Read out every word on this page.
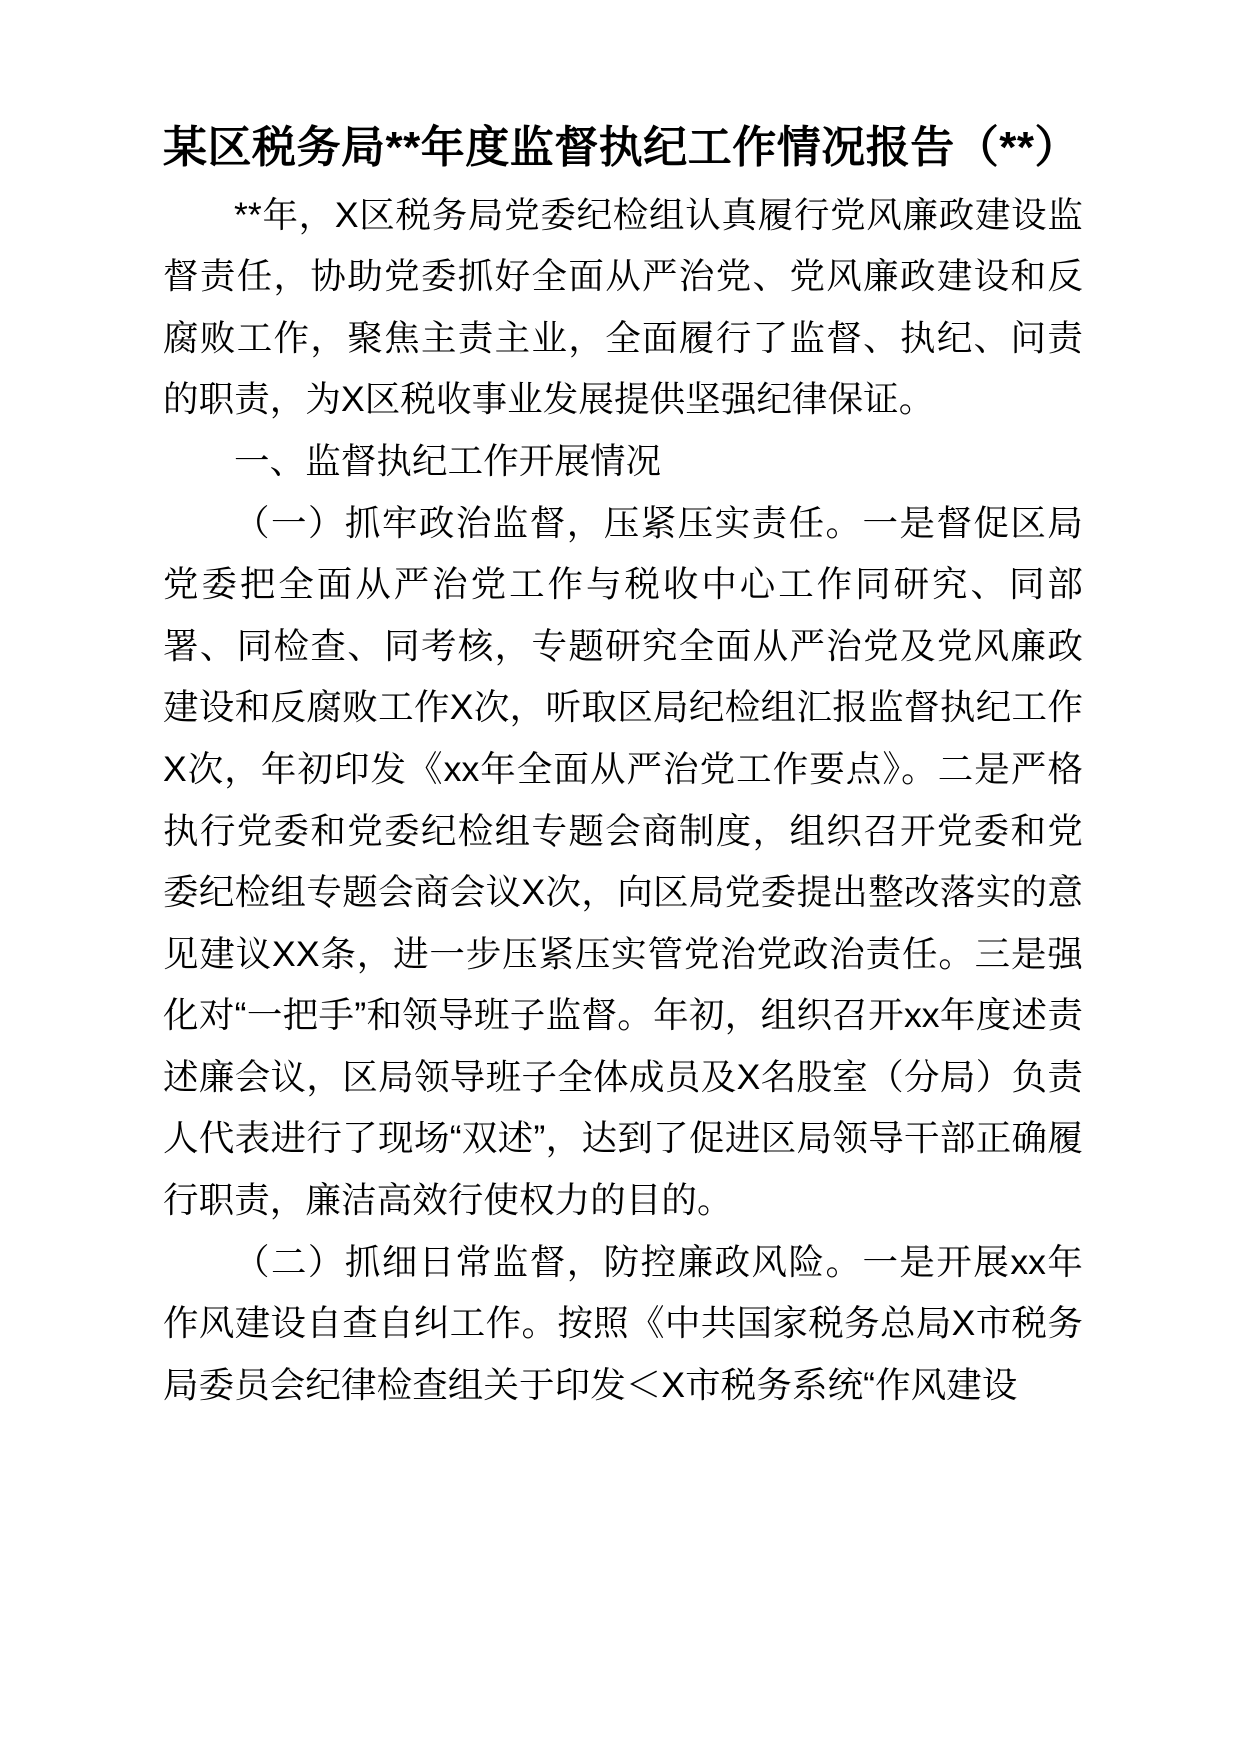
某区税务局**年度监督执纪工作情况报告（**）

**年，X区税务局党委纪检组认真履行党风廉政建设监督责任，协助党委抓好全面从严治党、党风廉政建设和反腐败工作，聚焦主责主业，全面履行了监督、执纪、问责的职责，为X区税收事业发展提供坚强纪律保证。

一、监督执纪工作开展情况

（一）抓牢政治监督，压紧压实责任。一是督促区局党委把全面从严治党工作与税收中心工作同研究、同部署、同检查、同考核，专题研究全面从严治党及党风廉政建设和反腐败工作X次，听取区局纪检组汇报监督执纪工作X次，年初印发《xx年全面从严治党工作要点》。二是严格执行党委和党委纪检组专题会商制度，组织召开党委和党委纪检组专题会商会议X次，向区局党委提出整改落实的意见建议XX条，进一步压紧压实管党治党政治责任。三是强化对“一把手”和领导班子监督。年初，组织召开xx年度述责述廉会议，区局领导班子全体成员及X名股室（分局）负责人代表进行了现场“双述”，达到了促进区局领导干部正确履行职责，廉洁高效行使权力的目的。

（二）抓细日常监督，防控廉政风险。一是开展xx年作风建设自查自纠工作。按照《中共国家税务总局X市税务局委员会纪律检查组关于印发＜X市税务系统“作风建设
